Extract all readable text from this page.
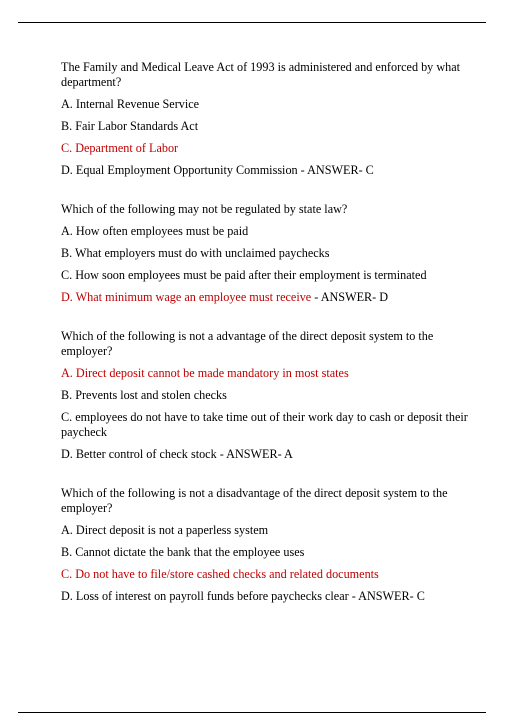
The Family and Medical Leave Act of 1993 is administered and enforced by what department?

A. Internal Revenue Service

B. Fair Labor Standards Act

C. Department of Labor

D. Equal Employment Opportunity Commission - ANSWER- C

Which of the following may not be regulated by state law?

A. How often employees must be paid

B. What employers must do with unclaimed paychecks

C. How soon employees must be paid after their employment is terminated

D. What minimum wage an employee must receive - ANSWER- D

Which of the following is not a advantage of the direct deposit system to the employer?

A. Direct deposit cannot be made mandatory in most states

B. Prevents lost and stolen checks

C. employees do not have to take time out of their work day to cash or deposit their paycheck

D. Better control of check stock - ANSWER- A

Which of the following is not a disadvantage of the direct deposit system to the employer?

A. Direct deposit is not a paperless system

B. Cannot dictate the bank that the employee uses

C. Do not have to file/store cashed checks and related documents

D. Loss of interest on payroll funds before paychecks clear - ANSWER- C
